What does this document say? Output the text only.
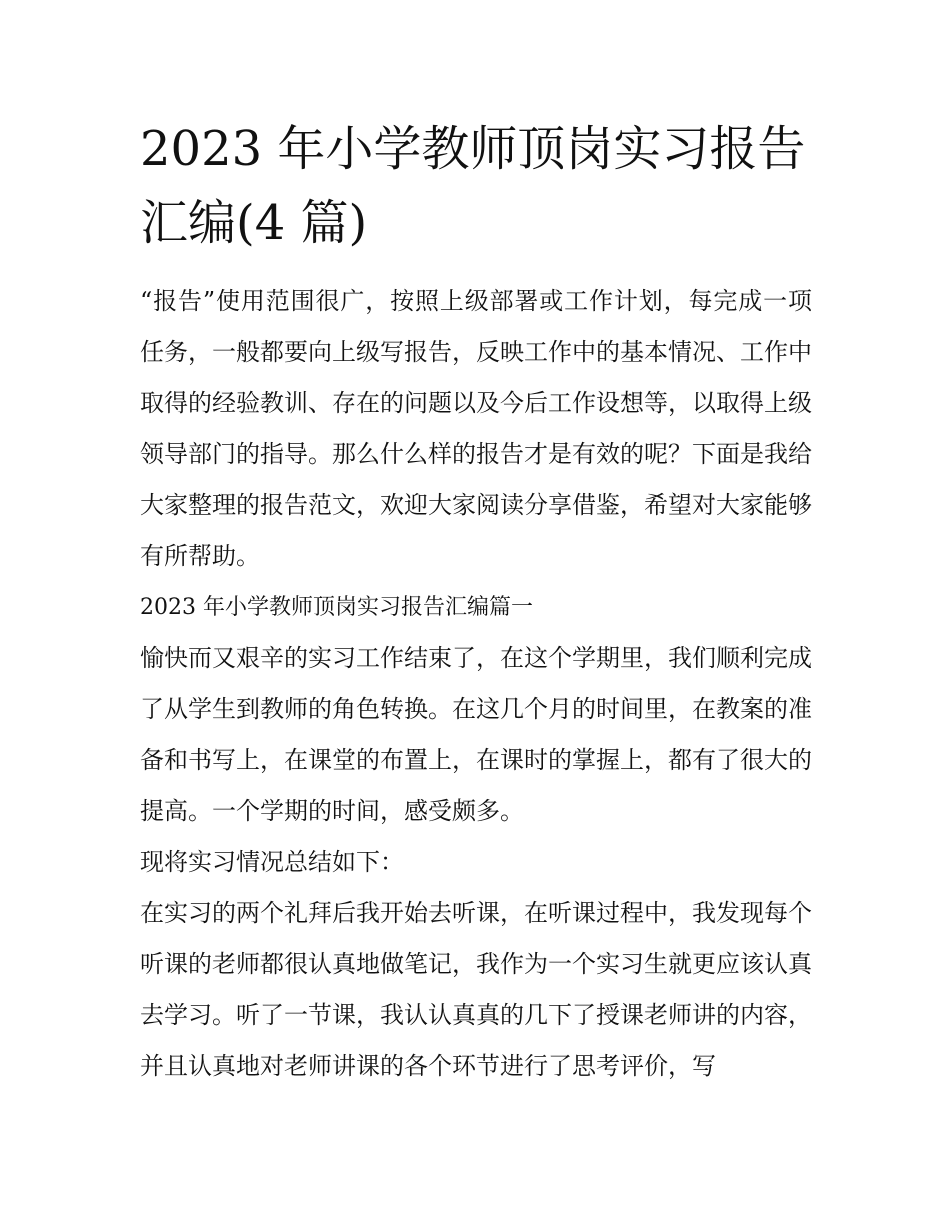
2023 年小学教师顶岗实习报告
汇编(4 篇)

“报告”使用范围很广，按照上级部署或工作计划，每完成一项任务，一般都要向上级写报告，反映工作中的基本情况、工作中取得的经验教训、存在的问题以及今后工作设想等，以取得上级领导部门的指导。那么什么样的报告才是有效的呢？下面是我给大家整理的报告范文，欢迎大家阅读分享借鉴，希望对大家能够有所帮助。

2023 年小学教师顶岗实习报告汇编篇一

愉快而又艰辛的实习工作结束了，在这个学期里，我们顺利完成了从学生到教师的角色转换。在这几个月的时间里，在教案的准备和书写上，在课堂的布置上，在课时的掌握上，都有了很大的提高。一个学期的时间，感受颇多。

现将实习情况总结如下：

在实习的两个礼拜后我开始去听课，在听课过程中，我发现每个听课的老师都很认真地做笔记，我作为一个实习生就更应该认真去学习。听了一节课，我认认真真的几下了授课老师讲的内容，并且认真地对老师讲课的各个环节进行了思考评价，写
